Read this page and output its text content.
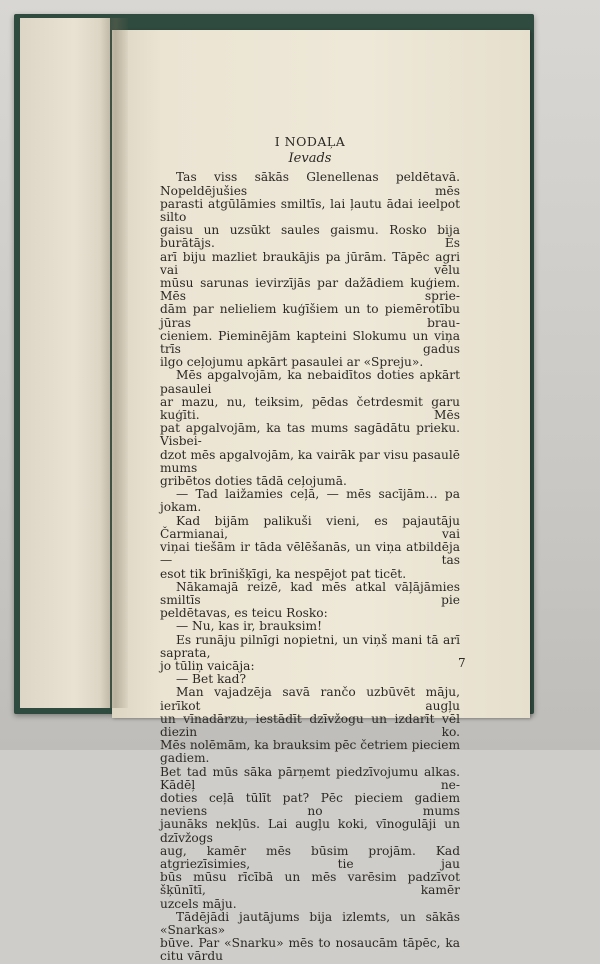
I NODAĻA
Ievads
Tas viss sākās Glenellenas peldētavā. Nopeldējušies mēs
parasti atgūlāmies smiltīs, lai ļautu ādai ieelpot silto
gaisu un uzsūkt saules gaismu. Rosko bija burātājs. Es
arī biju mazliet braukājis pa jūrām. Tāpēc agri vai vēlu
mūsu sarunas ievirzījās par dažādiem kuģiem. Mēs sprie-
dām par nelieliem kuģīšiem un to piemērotību jūras brau-
cieniem. Pieminējām kapteini Slokumu un viņa trīs gadus
ilgo ceļojumu apkārt pasaulei ar «Spreju».
Mēs apgalvojām, ka nebaidītos doties apkārt pasaulei
ar mazu, nu, teiksim, pēdas četrdesmit garu kuģīti. Mēs
pat apgalvojām, ka tas mums sagādātu prieku. Visbei-
dzot mēs apgalvojām, ka vairāk par visu pasaulē mums
gribētos doties tādā ceļojumā.
— Tad laižamies ceļā, — mēs sacījām… pa jokam.
Kad bijām palikuši vieni, es pajautāju Čarmianai, vai
viņai tiešām ir tāda vēlēšanās, un viņa atbildēja — tas
esot tik brīnišķīgi, ka nespējot pat ticēt.
Nākamajā reizē, kad mēs atkal vāļājāmies smiltīs pie
peldētavas, es teicu Rosko:
— Nu, kas ir, brauksim!
Es runāju pilnīgi nopietni, un viņš mani tā arī saprata,
jo tūliņ vaicāja:
— Bet kad?
Man vajadzēja savā rančo uzbūvēt māju, ierīkot augļu
un vīnadārzu, iestādīt dzīvžogu un izdarīt vēl diezin ko.
Mēs nolēmām, ka brauksim pēc četriem pieciem gadiem.
Bet tad mūs sāka pārņemt piedzīvojumu alkas. Kādēļ ne-
doties ceļā tūlīt pat? Pēc pieciem gadiem neviens no mums
jaunāks nekļūs. Lai augļu koki, vīnogulāji un dzīvžogs
aug, kamēr mēs būsim projām. Kad atgriezīsimies, tie jau
būs mūsu rīcībā un mēs varēsim padzīvot šķūnītī, kamēr
uzcels māju.
Tādējādi jautājums bija izlemts, un sākās «Snarkas»
būve. Par «Snarku» mēs to nosaucām tāpēc, ka citu vārdu
7
